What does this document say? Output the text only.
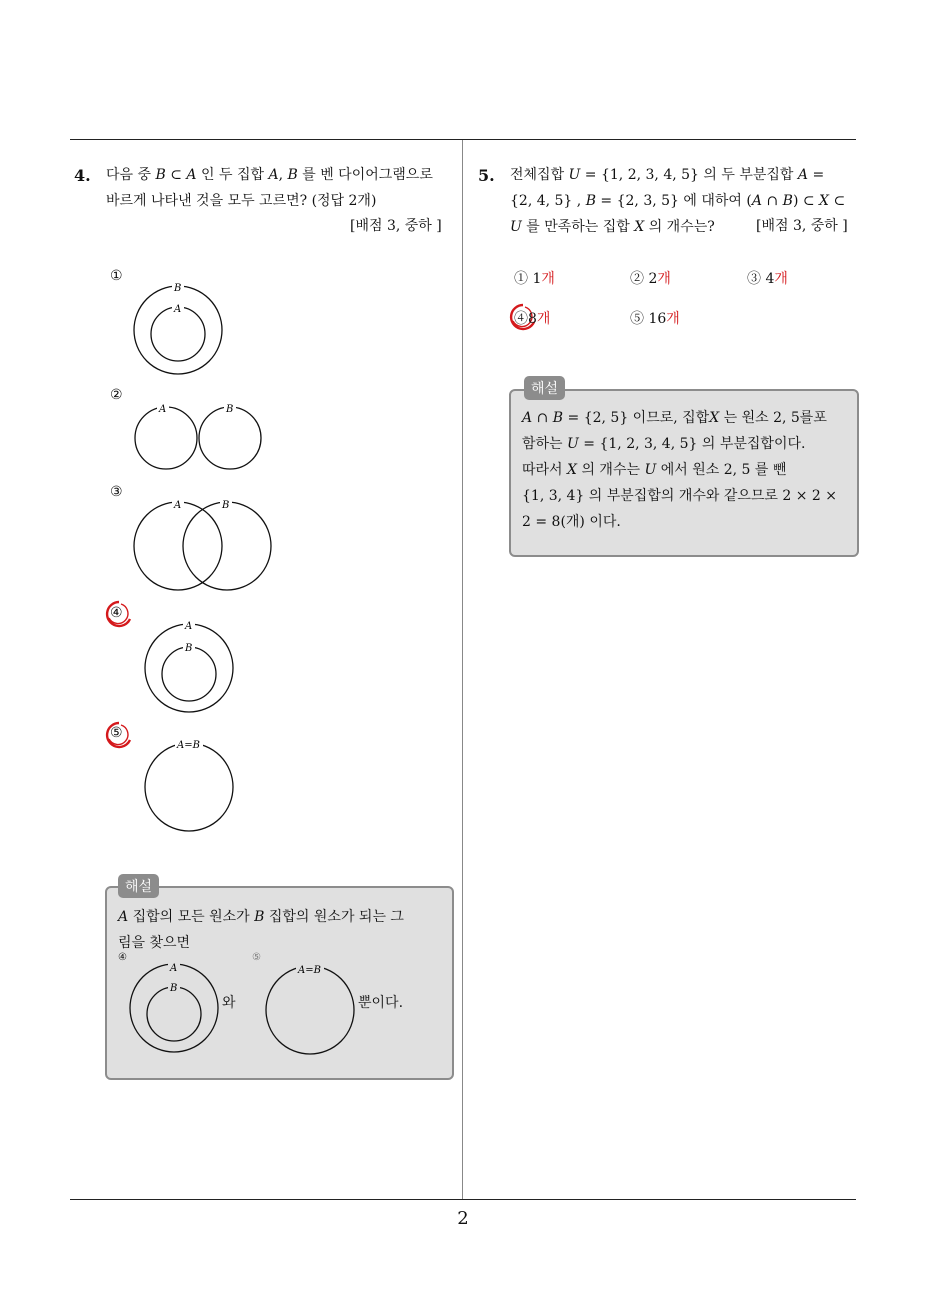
4. 다음 중 B ⊂ A 인 두 집합 A, B 를 벤 다이어그램으로
바르게 나타낸 것을 모두 고르면? (정답 2개)
[배점 3, 중하 ]
①
B
A
②
A	B
③
A	B
④
A
B
⑤
A=B
해설
A 집합의 모든 원소가 B 집합의 원소가 되는 그
림을 찾으면
④	⑤
A
B
와
A=B
뿐이다.
5. 전체집합 U = {1, 2, 3, 4, 5} 의 두 부분집합 A =
{2, 4, 5} , B = {2, 3, 5} 에 대하여 (A ∩ B) ⊂ X ⊂
U 를 만족하는 집합 X 의 개수는?	[배점 3, 중하 ]
① 1개	② 2개	③ 4개
④8개	⑤ 16개
해설
A ∩ B = {2, 5} 이므로, 집합X 는 원소 2, 5를포
함하는 U = {1, 2, 3, 4, 5} 의 부분집합이다.
따라서 X 의 개수는 U 에서 원소 2, 5 를 뺀
{1, 3, 4} 의 부분집합의 개수와 같으므로 2 × 2 ×
2 = 8(개) 이다.
2
